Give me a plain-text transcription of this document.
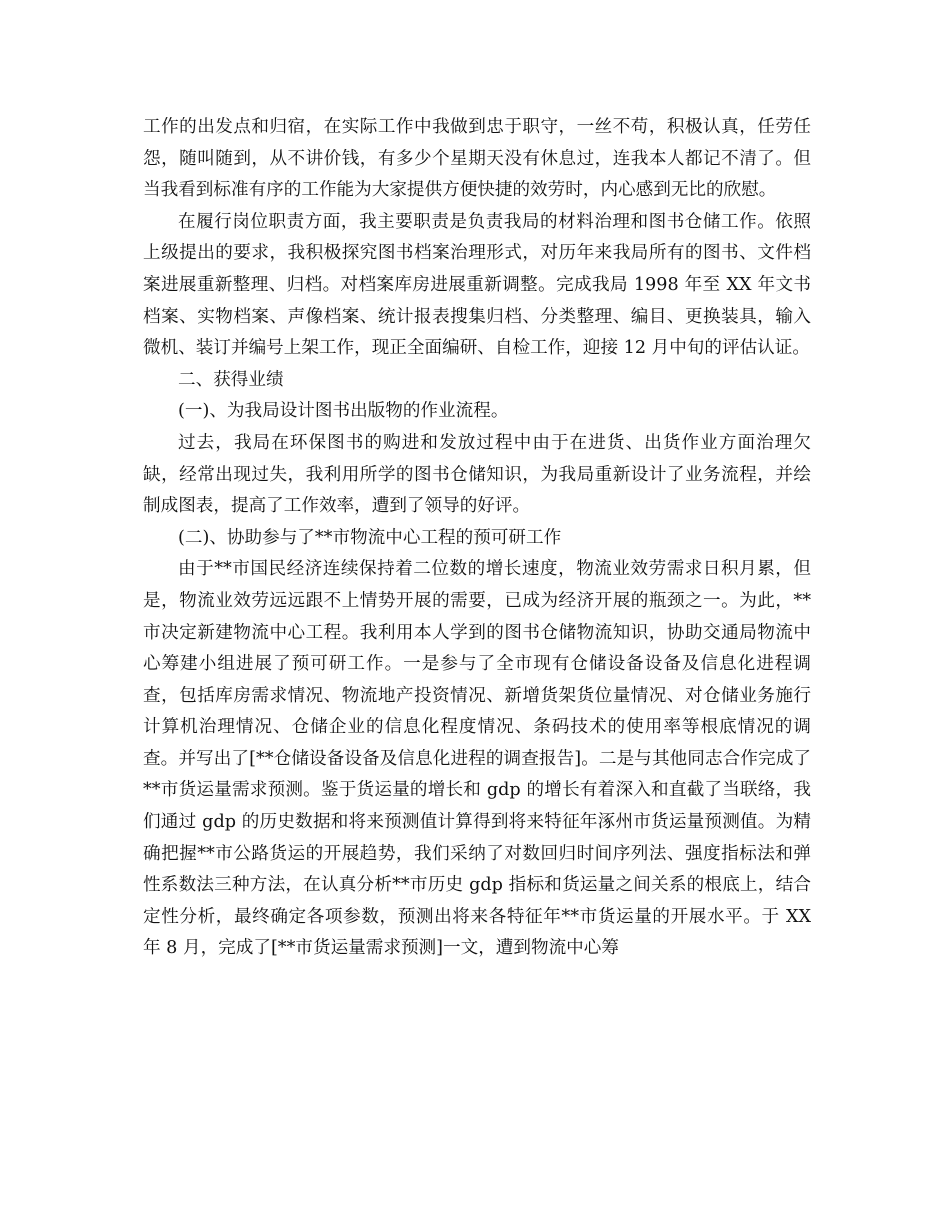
工作的出发点和归宿，在实际工作中我做到忠于职守，一丝不苟，积极认真，任劳任怨，随叫随到，从不讲价钱，有多少个星期天没有休息过，连我本人都记不清了。但当我看到标准有序的工作能为大家提供方便快捷的效劳时，内心感到无比的欣慰。

在履行岗位职责方面，我主要职责是负责我局的材料治理和图书仓储工作。依照上级提出的要求，我积极探究图书档案治理形式，对历年来我局所有的图书、文件档案进展重新整理、归档。对档案库房进展重新调整。完成我局 1998 年至 XX 年文书档案、实物档案、声像档案、统计报表搜集归档、分类整理、编目、更换装具，输入微机、装订并编号上架工作，现正全面编研、自检工作，迎接 12 月中旬的评估认证。

二、获得业绩

(一)、为我局设计图书出版物的作业流程。

过去，我局在环保图书的购进和发放过程中由于在进货、出货作业方面治理欠缺，经常出现过失，我利用所学的图书仓储知识，为我局重新设计了业务流程，并绘制成图表，提高了工作效率，遭到了领导的好评。

(二)、协助参与了**市物流中心工程的预可研工作

由于**市国民经济连续保持着二位数的增长速度，物流业效劳需求日积月累，但是，物流业效劳远远跟不上情势开展的需要，已成为经济开展的瓶颈之一。为此，**市决定新建物流中心工程。我利用本人学到的图书仓储物流知识，协助交通局物流中心筹建小组进展了预可研工作。一是参与了全市现有仓储设备设备及信息化进程调查，包括库房需求情况、物流地产投资情况、新增货架货位量情况、对仓储业务施行计算机治理情况、仓储企业的信息化程度情况、条码技术的使用率等根底情况的调查。并写出了[**仓储设备设备及信息化进程的调查报告]。二是与其他同志合作完成了**市货运量需求预测。鉴于货运量的增长和 gdp 的增长有着深入和直截了当联络，我们通过 gdp 的历史数据和将来预测值计算得到将来特征年涿州市货运量预测值。为精确把握**市公路货运的开展趋势，我们采纳了对数回归时间序列法、强度指标法和弹性系数法三种方法，在认真分析**市历史 gdp 指标和货运量之间关系的根底上，结合定性分析，最终确定各项参数，预测出将来各特征年**市货运量的开展水平。于 XX 年 8 月，完成了[**市货运量需求预测]一文，遭到物流中心筹
